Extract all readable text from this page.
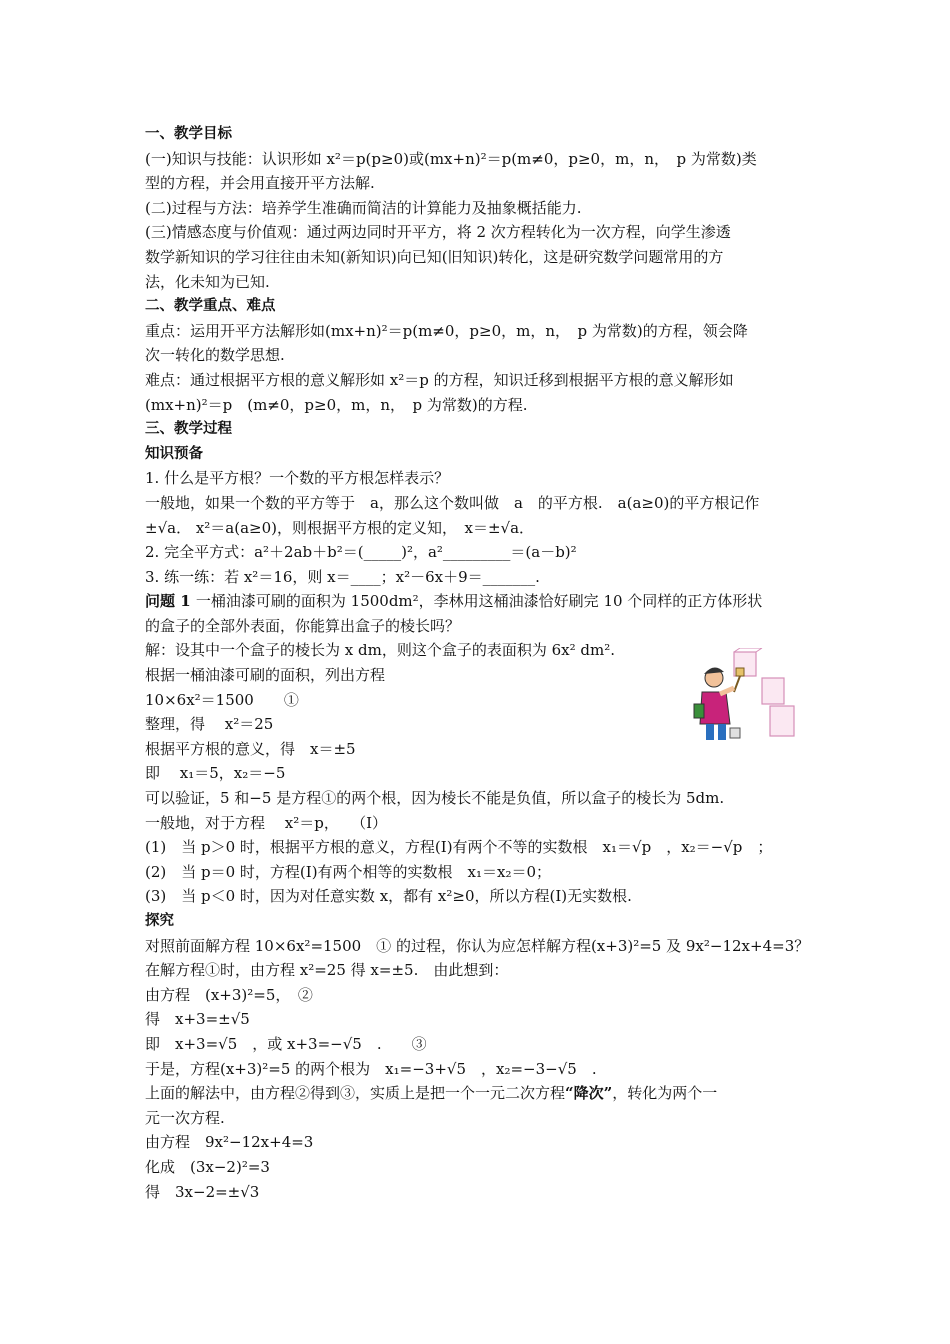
一、教学目标
(一)知识与技能：认识形如 x²＝p(p≥0)或(mx+n)²＝p(m≠0，p≥0，m，n，　p 为常数)类
型的方程，并会用直接开平方法解.
(二)过程与方法：培养学生准确而简洁的计算能力及抽象概括能力.
(三)情感态度与价值观：通过两边同时开平方，将 2 次方程转化为一次方程，向学生渗透
数学新知识的学习往往由未知(新知识)向已知(旧知识)转化，这是研究数学问题常用的方
法，化未知为已知.
二、教学重点、难点
重点：运用开平方法解形如(mx+n)²＝p(m≠0，p≥0，m，n，　p 为常数)的方程，领会降
次一转化的数学思想.
难点：通过根据平方根的意义解形如 x²＝p 的方程，知识迁移到根据平方根的意义解形如
(mx+n)²＝p　(m≠0，p≥0，m，n，　p 为常数)的方程.
三、教学过程
知识预备
1. 什么是平方根？一个数的平方根怎样表示？
一般地，如果一个数的平方等于　a，那么这个数叫做　a　的平方根.　a(a≥0)的平方根记作
±√a． x²＝a(a≥0)，则根据平方根的定义知，　x＝±√a．
2. 完全平方式：a²＋2ab＋b²＝(_____)²，a²_________＝(a－b)²
3. 练一练：若 x²＝16，则 x＝____；x²－6x＋9＝_______.
问题 1 一桶油漆可刷的面积为 1500dm²，李林用这桶油漆恰好刷完 10 个同样的正方体形状
的盒子的全部外表面，你能算出盒子的棱长吗？
解：设其中一个盒子的棱长为 x dm，则这个盒子的表面积为 6x² dm².
根据一桶油漆可刷的面积，列出方程
10×6x²＝1500　　①
整理，得　 x²＝25
根据平方根的意义，得　x＝±5
即　 x₁＝5，x₂＝−5
可以验证，5 和−5 是方程①的两个根，因为棱长不能是负值，所以盒子的棱长为 5dm.
一般地，对于方程　 x²＝p，　 （Ⅰ）
(1)　当 p＞0 时，根据平方根的意义，方程(Ⅰ)有两个不等的实数根　x₁＝√p　，x₂＝−√p　；
(2)　当 p＝0 时，方程(Ⅰ)有两个相等的实数根　x₁＝x₂＝0；
(3)　当 p＜0 时，因为对任意实数 x，都有 x²≥0，所以方程(Ⅰ)无实数根.
探究
对照前面解方程 10×6x²=1500　① 的过程，你认为应怎样解方程(x+3)²=5 及 9x²−12x+4=3？
在解方程①时，由方程 x²=25 得 x=±5.　由此想到：
由方程　(x+3)²=5，　②
得　x+3=±√5
即　x+3=√5　，或 x+3=−√5　.　　③
于是，方程(x+3)²=5 的两个根为　x₁=−3+√5　，x₂=−3−√5　.
上面的解法中，由方程②得到③，实质上是把一个一元二次方程“降次”，转化为两个一
元一次方程.
由方程　9x²−12x+4=3
化成　(3x−2)²=3
得　3x−2=±√3
